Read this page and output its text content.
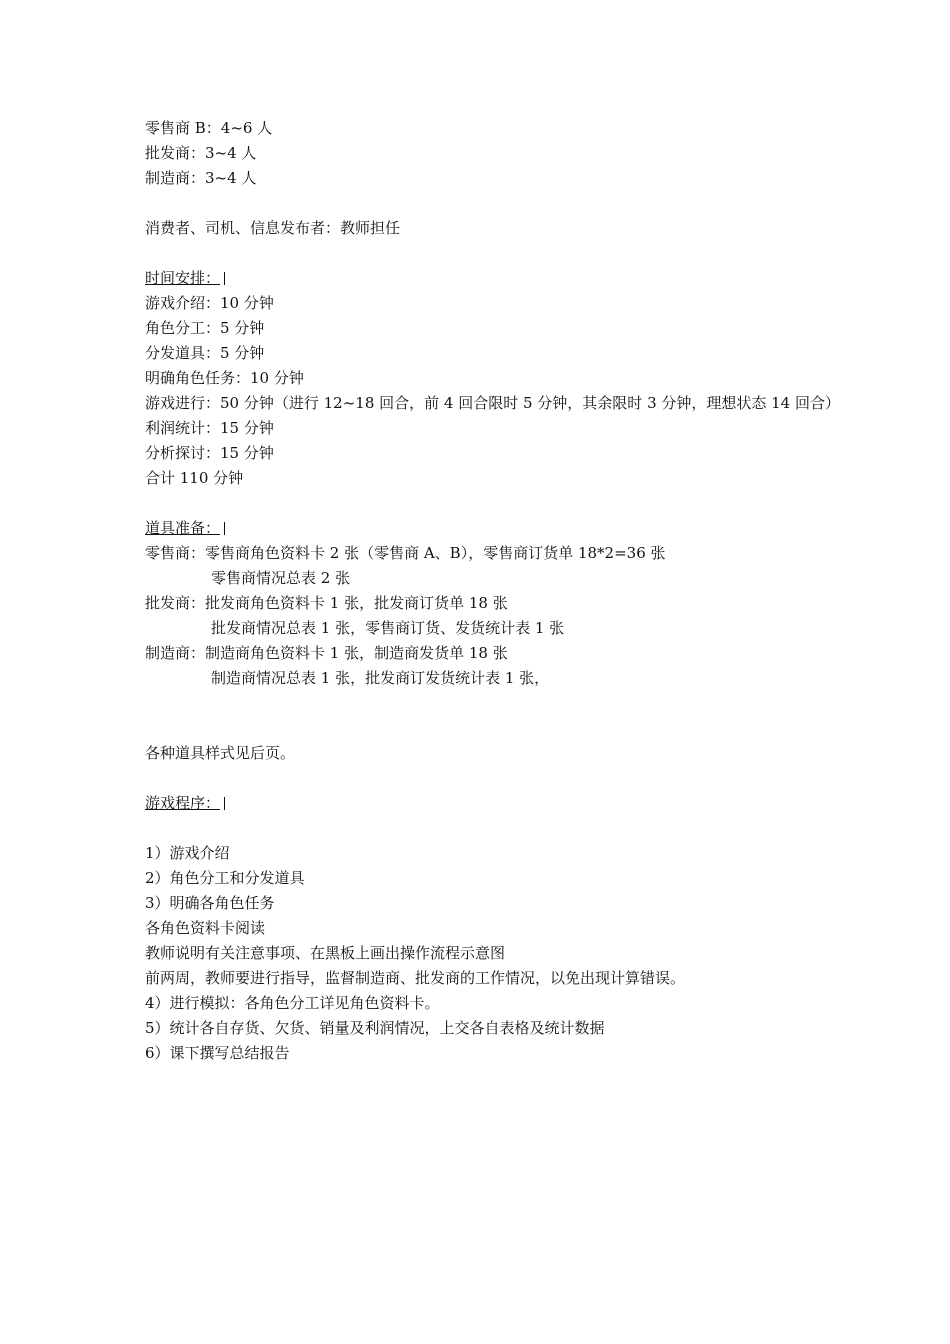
零售商 B：4~6 人
批发商：3~4 人
制造商：3~4 人
消费者、司机、信息发布者：教师担任
时间安排：
游戏介绍：10 分钟
角色分工：5 分钟
分发道具：5 分钟
明确角色任务：10 分钟
游戏进行：50 分钟（进行 12~18 回合，前 4 回合限时 5 分钟，其余限时 3 分钟，理想状态 14 回合）
利润统计：15 分钟
分析探讨：15 分钟
合计 110 分钟
道具准备：
零售商：零售商角色资料卡 2 张（零售商 A、B），零售商订货单 18*2=36 张
零售商情况总表 2 张
批发商：批发商角色资料卡 1 张，批发商订货单 18 张
批发商情况总表 1 张，零售商订货、发货统计表 1 张
制造商：制造商角色资料卡 1 张，制造商发货单 18 张
制造商情况总表 1 张，批发商订发货统计表 1 张，
各种道具样式见后页。
游戏程序：
1）游戏介绍
2）角色分工和分发道具
3）明确各角色任务
各角色资料卡阅读
教师说明有关注意事项、在黑板上画出操作流程示意图
前两周，教师要进行指导，监督制造商、批发商的工作情况，以免出现计算错误。
4）进行模拟：各角色分工详见角色资料卡。
5）统计各自存货、欠货、销量及利润情况，上交各自表格及统计数据
6）课下撰写总结报告
